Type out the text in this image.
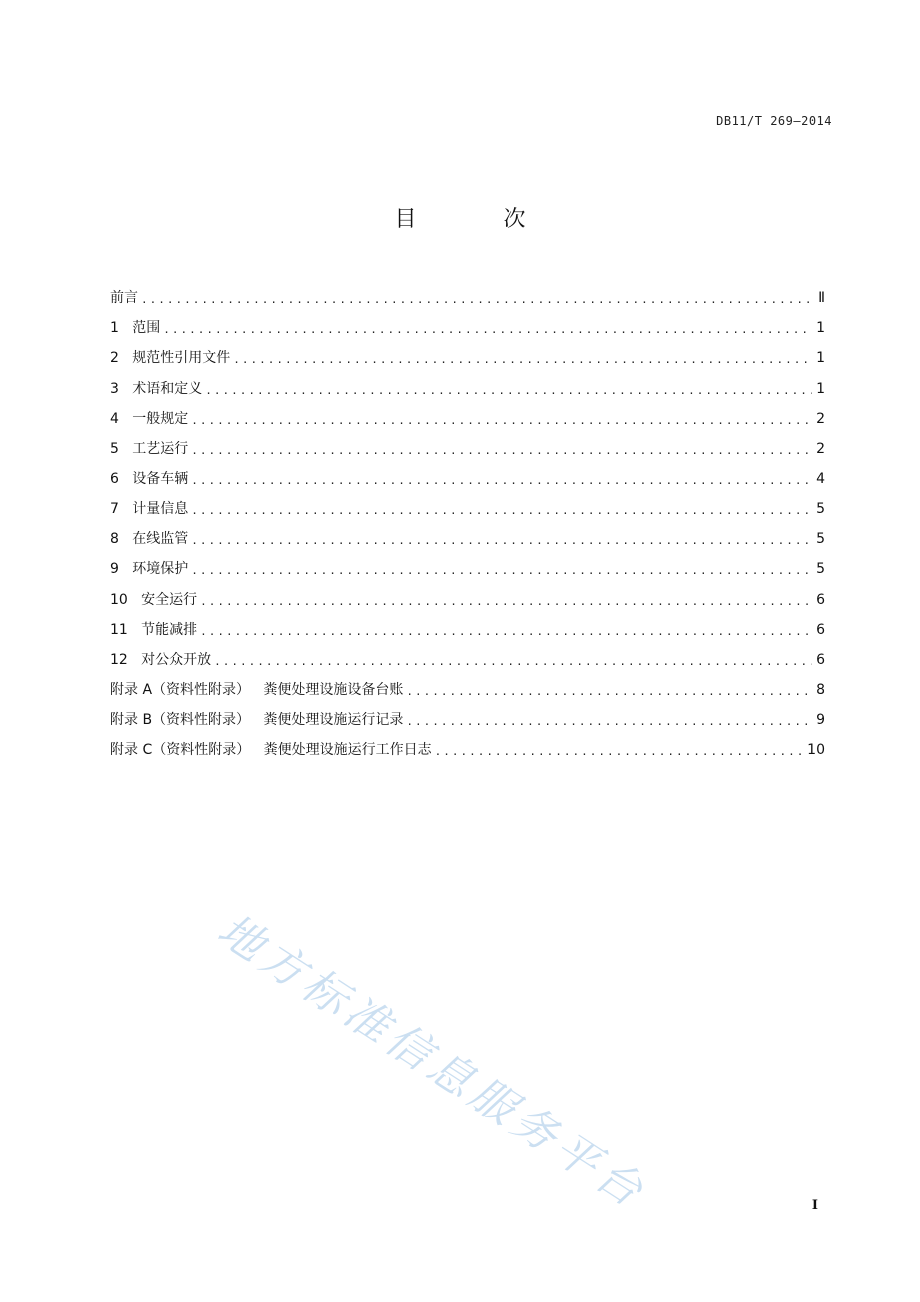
DB11/T 269—2014
目 次
前言 .....	Ⅱ
1   范围 .....	1
2   规范性引用文件 .....	1
3   术语和定义 .....	1
4   一般规定 .....	2
5   工艺运行 .....	2
6   设备车辆 .....	4
7   计量信息 .....	5
8   在线监管 .....	5
9   环境保护 .....	5
10   安全运行 .....	6
11   节能减排 .....	6
12   对公众开放 .....	6
附录 A（资料性附录）   粪便处理设施设备台账 .....	8
附录 B（资料性附录）   粪便处理设施运行记录 .....	9
附录 C（资料性附录）   粪便处理设施运行工作日志 .....	10
地方标准信息服务平台	I
